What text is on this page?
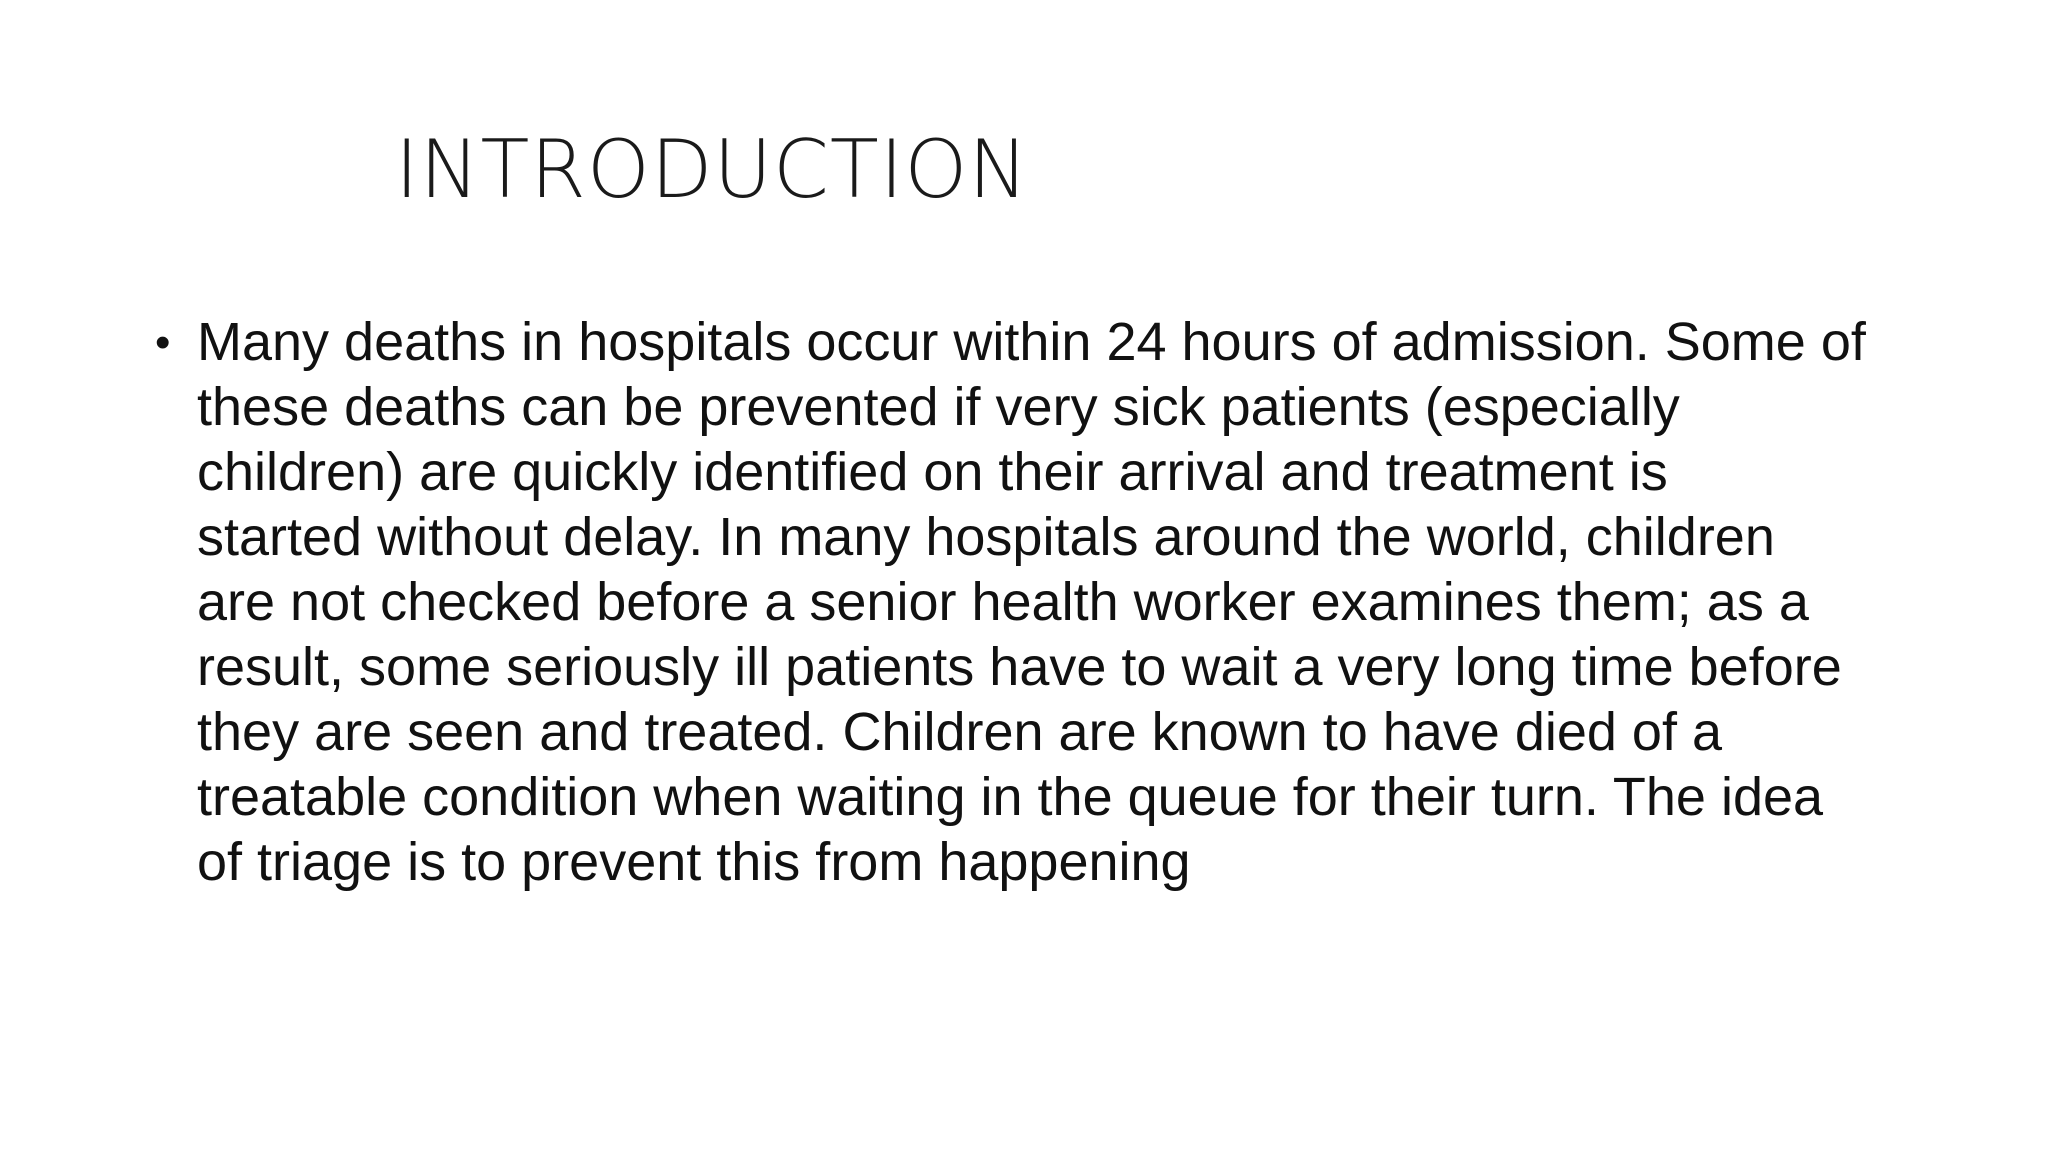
INTRODUCTION
• Many deaths in hospitals occur within 24 hours of admission. Some of
these deaths can be prevented if very sick patients (especially
children) are quickly identified on their arrival and treatment is
started without delay. In many hospitals around the world, children
are not checked before a senior health worker examines them; as a
result, some seriously ill patients have to wait a very long time before
they are seen and treated. Children are known to have died of a
treatable condition when waiting in the queue for their turn. The idea
of triage is to prevent this from happening
